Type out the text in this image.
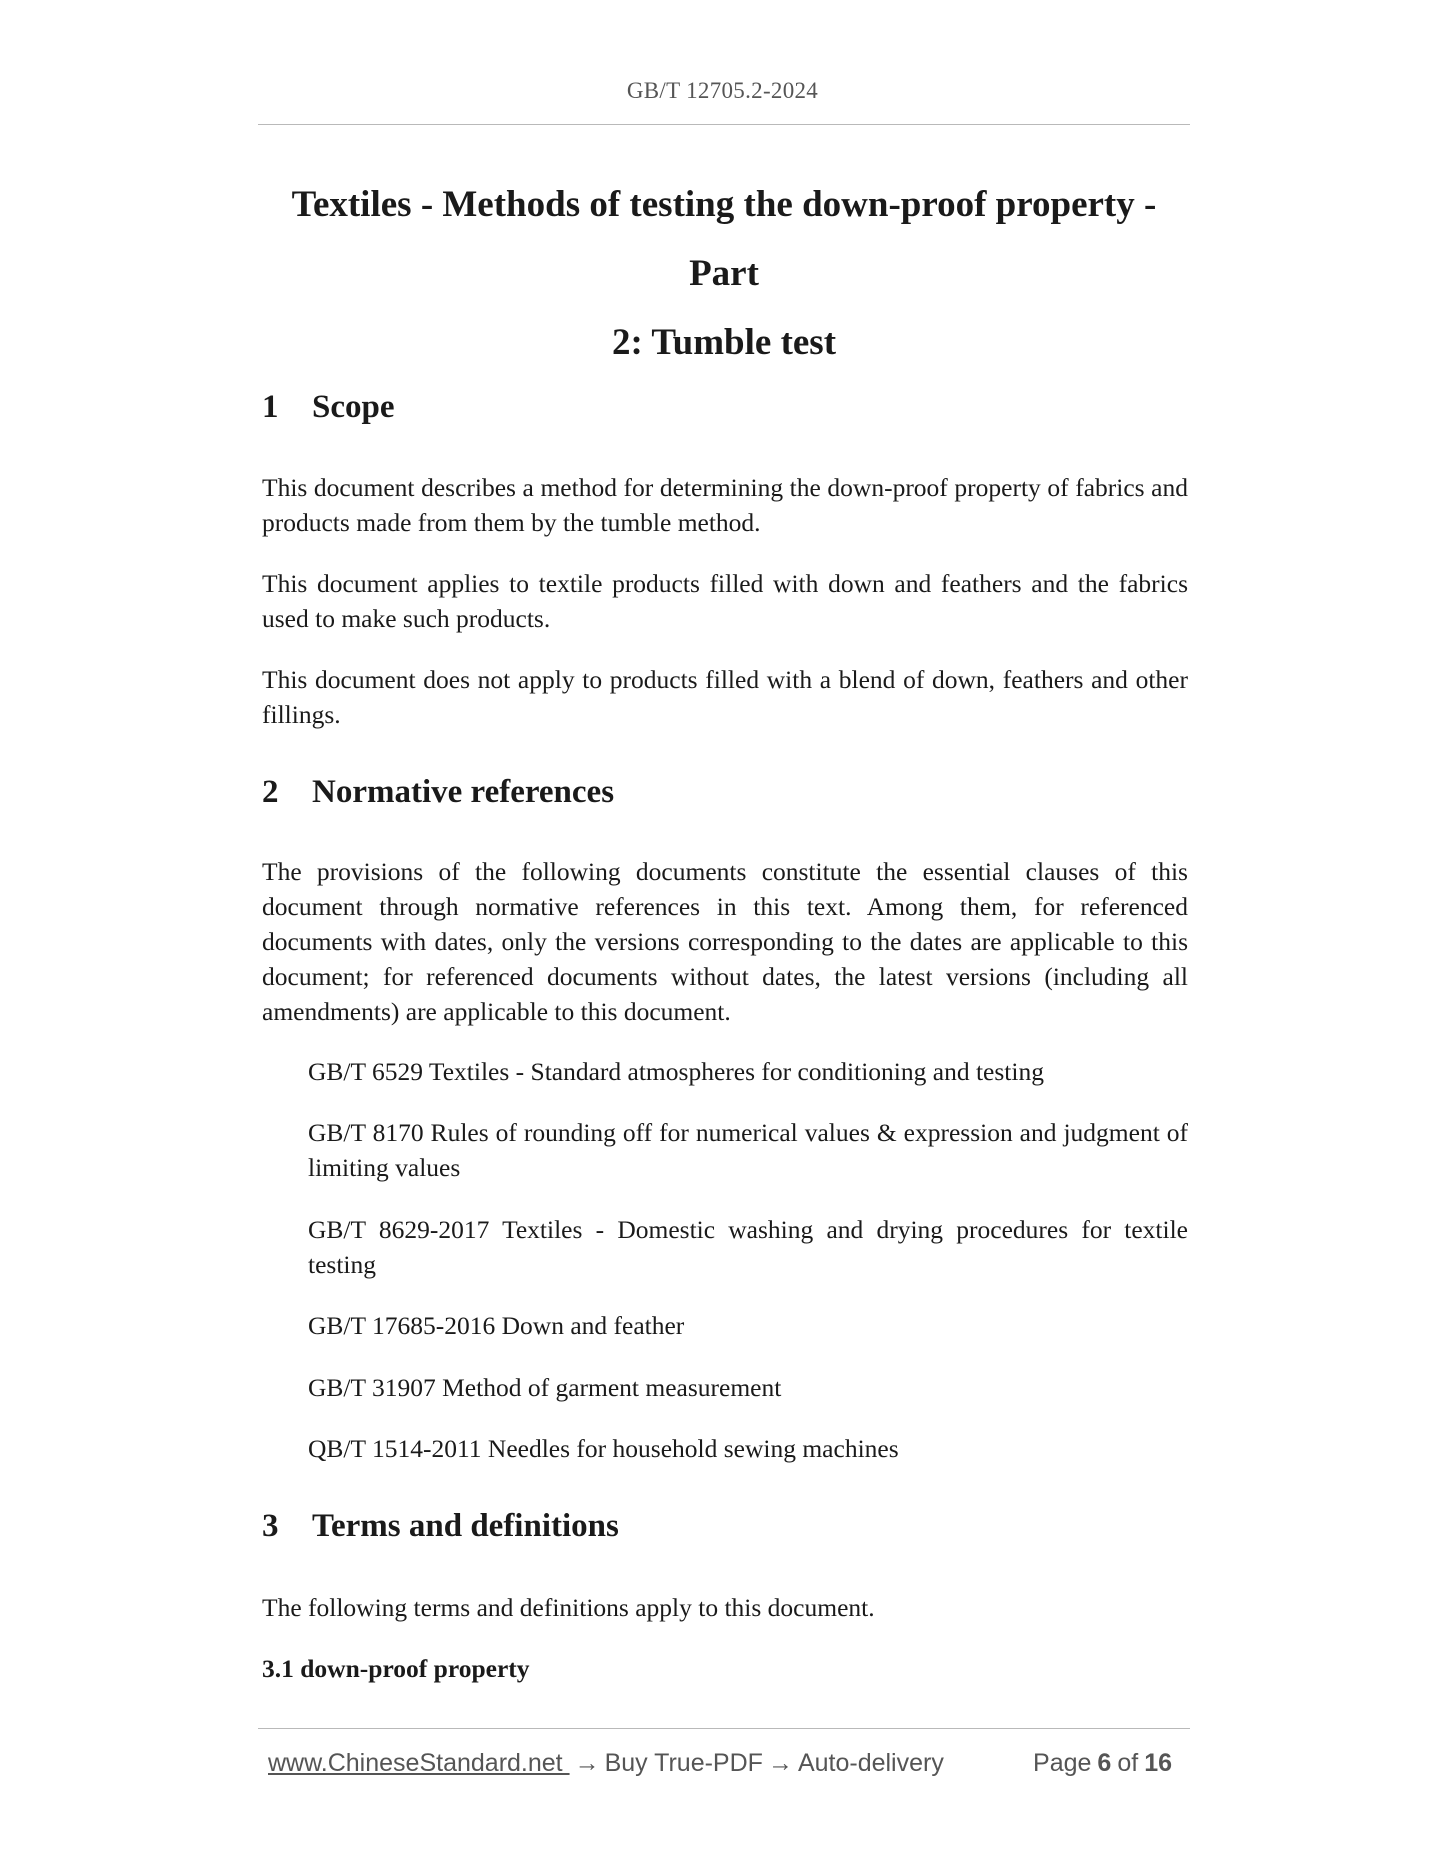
GB/T 12705.2-2024
Textiles - Methods of testing the down-proof property - Part
2: Tumble test
1 Scope

This document describes a method for determining the down-proof property of fabrics and products made from them by the tumble method.

This document applies to textile products filled with down and feathers and the fabrics used to make such products.

This document does not apply to products filled with a blend of down, feathers and other fillings.

2 Normative references

The provisions of the following documents constitute the essential clauses of this document through normative references in this text. Among them, for referenced documents with dates, only the versions corresponding to the dates are applicable to this document; for referenced documents without dates, the latest versions (including all amendments) are applicable to this document.

GB/T 6529 Textiles - Standard atmospheres for conditioning and testing

GB/T 8170 Rules of rounding off for numerical values & expression and judgment of limiting values

GB/T 8629-2017 Textiles - Domestic washing and drying procedures for textile testing

GB/T 17685-2016 Down and feather

GB/T 31907 Method of garment measurement

QB/T 1514-2011 Needles for household sewing machines

3 Terms and definitions

The following terms and definitions apply to this document.

3.1 down-proof property
www.ChineseStandard.net → Buy True-PDF → Auto-delivery	Page 6 of 16
